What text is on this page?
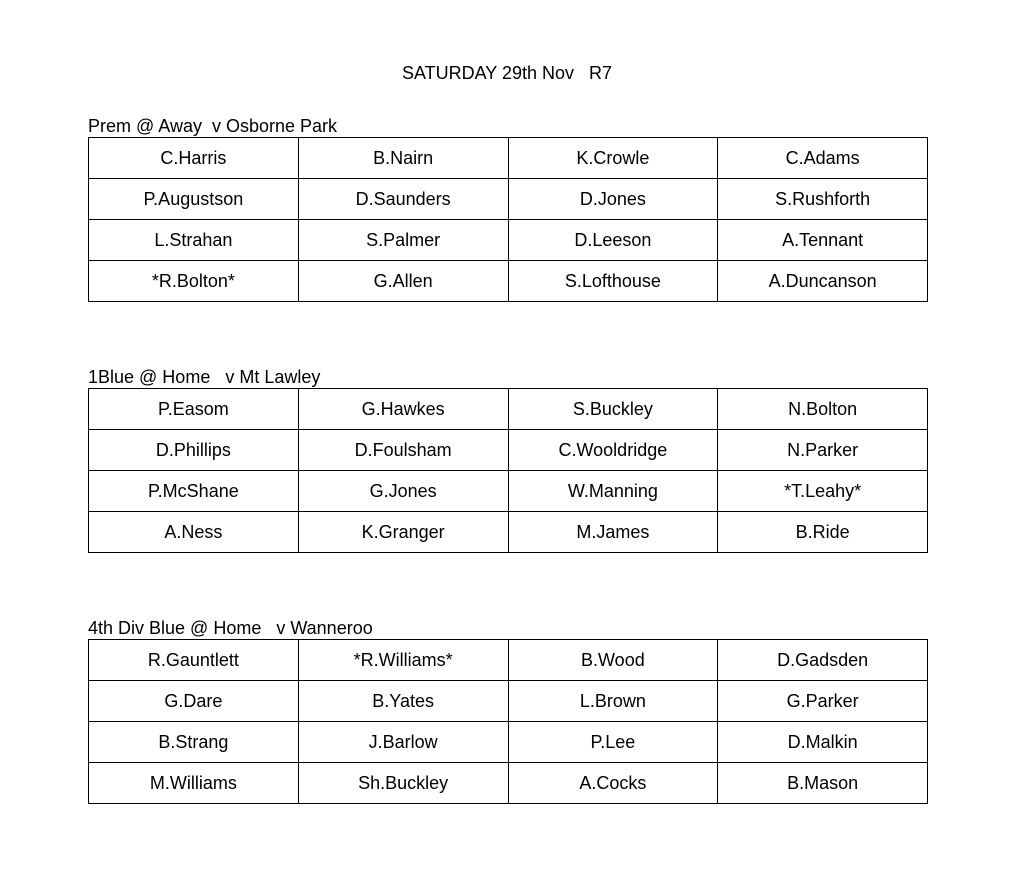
SATURDAY 29th Nov   R7
Prem @ Away  v Osborne Park
C.Harris	B.Nairn	K.Crowle	C.Adams
P.Augustson	D.Saunders	D.Jones	S.Rushforth
L.Strahan	S.Palmer	D.Leeson	A.Tennant
*R.Bolton*	G.Allen	S.Lofthouse	A.Duncanson
1Blue @ Home   v Mt Lawley
P.Easom	G.Hawkes	S.Buckley	N.Bolton
D.Phillips	D.Foulsham	C.Wooldridge	N.Parker
P.McShane	G.Jones	W.Manning	*T.Leahy*
A.Ness	K.Granger	M.James	B.Ride
4th Div Blue @ Home   v Wanneroo
R.Gauntlett	*R.Williams*	B.Wood	D.Gadsden
G.Dare	B.Yates	L.Brown	G.Parker
B.Strang	J.Barlow	P.Lee	D.Malkin
M.Williams	Sh.Buckley	A.Cocks	B.Mason
